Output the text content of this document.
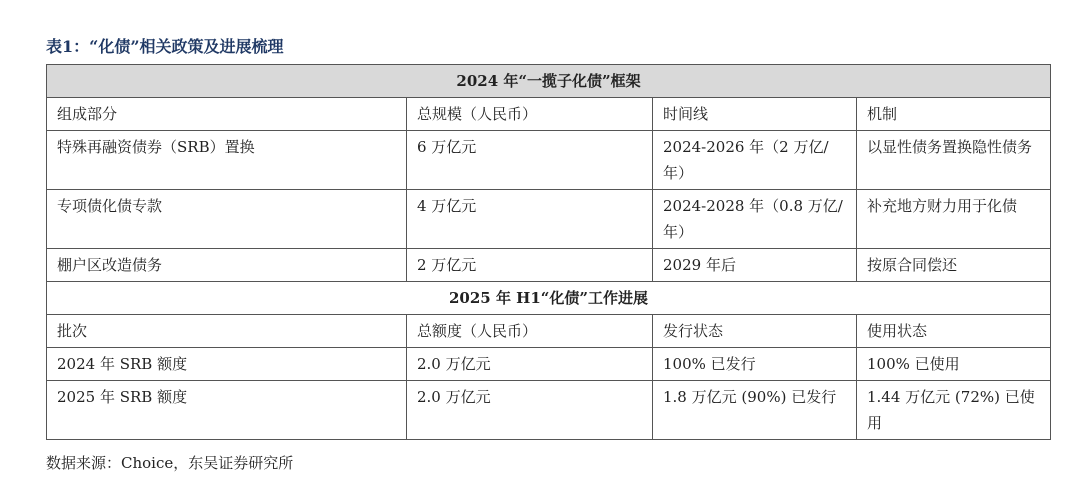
表1：“化债”相关政策及进展梳理
2024 年“一揽子化债”框架			
组成部分	总规模（人民币）	时间线	机制
特殊再融资债券（SRB）置换	6 万亿元	2024-2026 年（2 万亿/年）	以显性债务置换隐性债务
专项债化债专款	4 万亿元	2024-2028 年（0.8 万亿/年）	补充地方财力用于化债
棚户区改造债务	2 万亿元	2029 年后	按原合同偿还
2025 年 H1“化债”工作进展			
批次	总额度（人民币）	发行状态	使用状态
2024 年 SRB 额度	2.0 万亿元	100% 已发行	100% 已使用
2025 年 SRB 额度	2.0 万亿元	1.8 万亿元 (90%) 已发行	1.44 万亿元 (72%) 已使用
数据来源：Choice，东吴证券研究所
